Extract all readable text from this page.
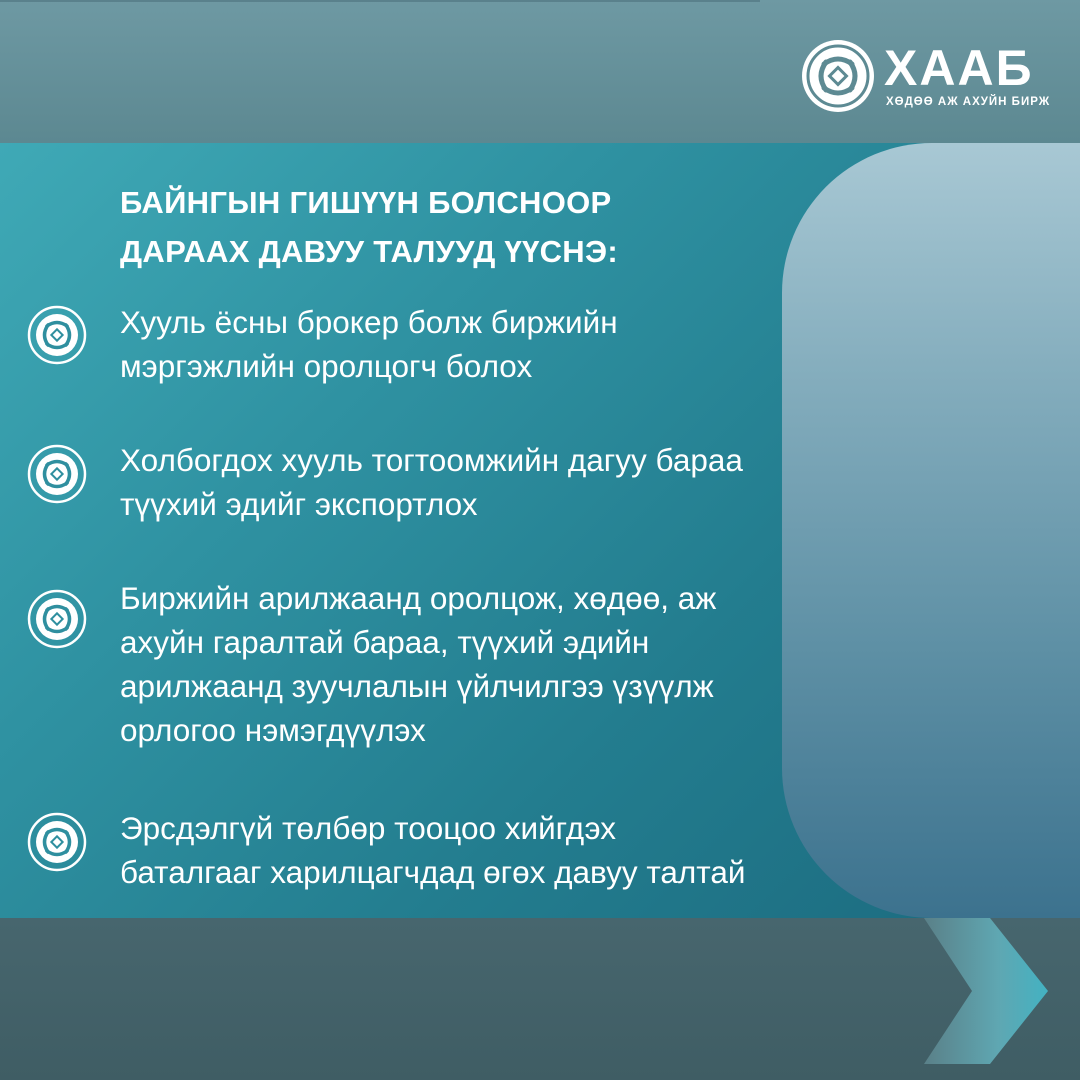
ХААБ
ХӨДӨӨ АЖ АХУЙН БИРЖ
БАЙНГЫН ГИШҮҮН БОЛСНООР
ДАРААХ ДАВУУ ТАЛУУД ҮҮСНЭ:
Хууль ёсны брокер болж биржийн
мэргэжлийн оролцогч болох
Холбогдох хууль тогтоомжийн дагуу бараа
түүхий эдийг экспортлох
Биржийн арилжаанд оролцож, хөдөө, аж
ахуйн гаралтай бараа, түүхий эдийн
арилжаанд зуучлалын үйлчилгээ үзүүлж
орлогоо нэмэгдүүлэх
Эрсдэлгүй төлбөр тооцоо хийгдэх
баталгааг харилцагчдад өгөх давуу талтай
